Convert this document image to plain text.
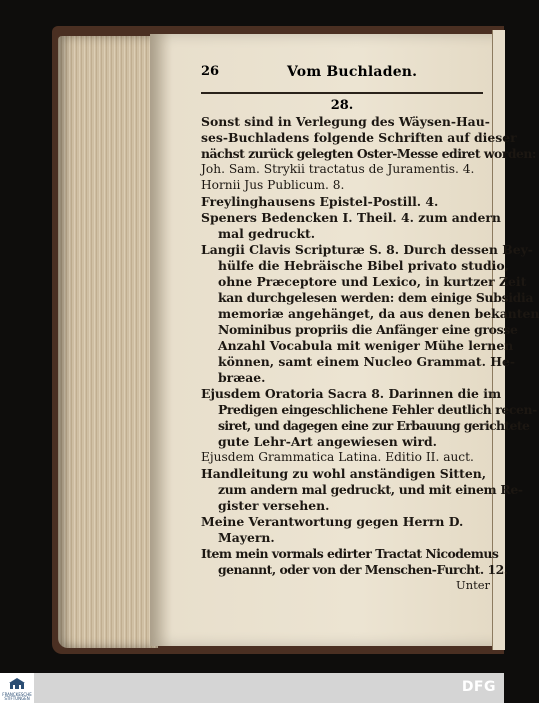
26	Vom Buchladen.
28.
Sonst sind in Verlegung des Wäysen-Hau-
ses-Buchladens folgende Schriften auf dieser
nächst zurück gelegten Oster-Messe ediret worden:
Joh. Sam. Strykii tractatus de Juramentis. 4.
Hornii Jus Publicum. 8.
Freylinghausens Epistel-Postill. 4.
Speners Bedencken I. Theil. 4. zum andern
mal gedruckt.
Langii Clavis Scripturæ S. 8. Durch dessen Bey-
hülfe die Hebräische Bibel privato studio,
ohne Præceptore und Lexico, in kurtzer Zeit
kan durchgelesen werden: dem einige Subsidia
memoriæ angehänget, da aus denen bekanten
Nominibus propriis die Anfänger eine grosse
Anzahl Vocabula mit weniger Mühe lernen
können, samt einem Nucleo Grammat. He-
bræae.
Ejusdem Oratoria Sacra 8. Darinnen die im
Predigen eingeschlichene Fehler deutlich recen-
siret, und dagegen eine zur Erbauung gerichtete
gute Lehr-Art angewiesen wird.
Ejusdem Grammatica Latina. Editio II. auct.
Handleitung zu wohl anständigen Sitten,
zum andern mal gedruckt, und mit einem Re-
gister versehen.
Meine Verantwortung gegen Herrn D.
Mayern.
Item mein vormals edirter Tractat Nicodemus
genannt, oder von der Menschen-Furcht. 12.
Unter
FRANCKESCHE STIFTUNGEN
DFG
